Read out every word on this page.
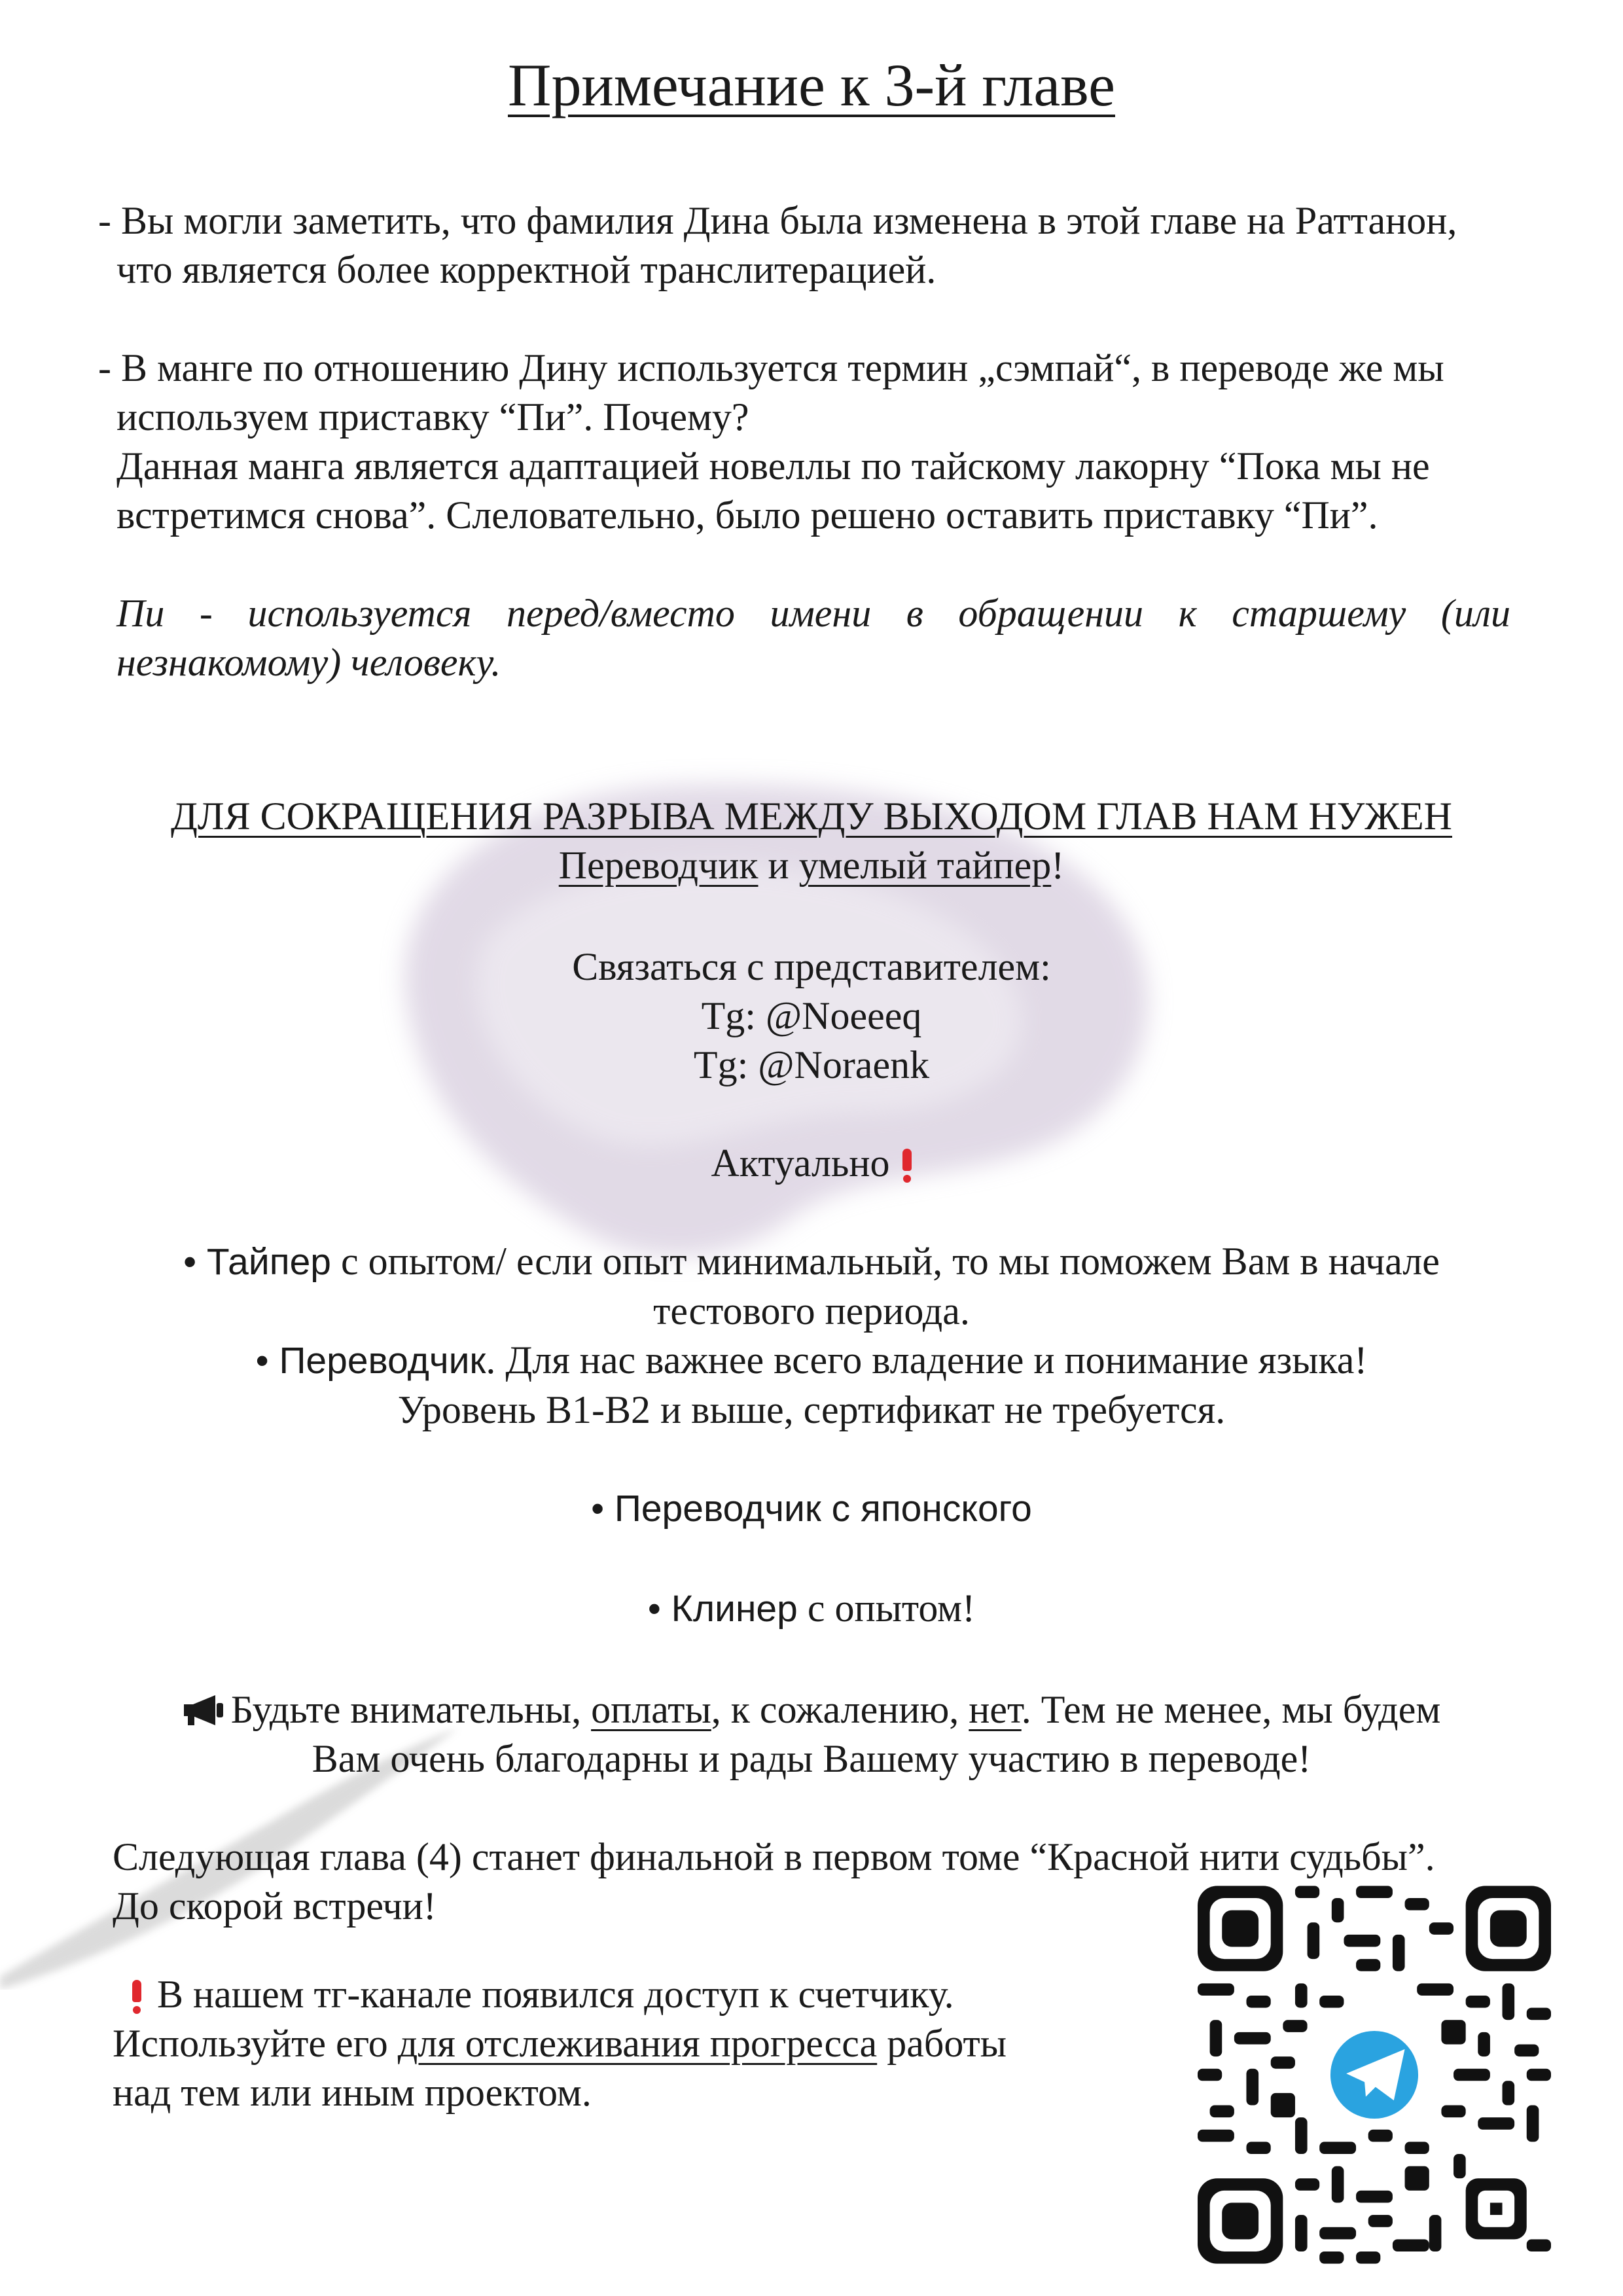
Примечание к 3-й главе
- Вы могли заметить, что фамилия Дина была изменена в этой главе на Раттанон,
что является более корректной транслитерацией.
- В манге по отношению Дину используется термин „сэмпай“, в переводе же мы
используем приставку “Пи”. Почему?
Данная манга является адаптацией новеллы по тайскому лакорну “Пока мы не
встретимся снова”. Слеловательно, было решено оставить приставку “Пи”.
Пи - используется перед/вместо имени в обращении к старшему (или
незнакомому) человеку.
ДЛЯ СОКРАЩЕНИЯ РАЗРЫВА МЕЖДУ ВЫХОДОМ ГЛАВ НАМ НУЖЕН
Переводчик и умелый тайпер!
Связаться с представителем:
Tg: @Noeeeq
Tg: @Noraenk
Актуально
• Тайпер с опытом/ если опыт минимальный, то мы поможем Вам в начале
тестового периода.
• Переводчик. Для нас важнее всего владение и понимание языка!
Уровень B1-B2 и выше, сертификат не требуется.
• Переводчик с японского
• Клинер с опытом!
Будьте внимательны, оплаты, к сожалению, нет. Тем не менее, мы будем
Вам очень благодарны и рады Вашему участию в переводе!
Следующая глава (4) станет финальной в первом томе “Красной нити судьбы”.
До скорой встречи!
В нашем тг-канале появился доступ к счетчику.
Используйте его для отслеживания прогресса работы
над тем или иным проектом.
